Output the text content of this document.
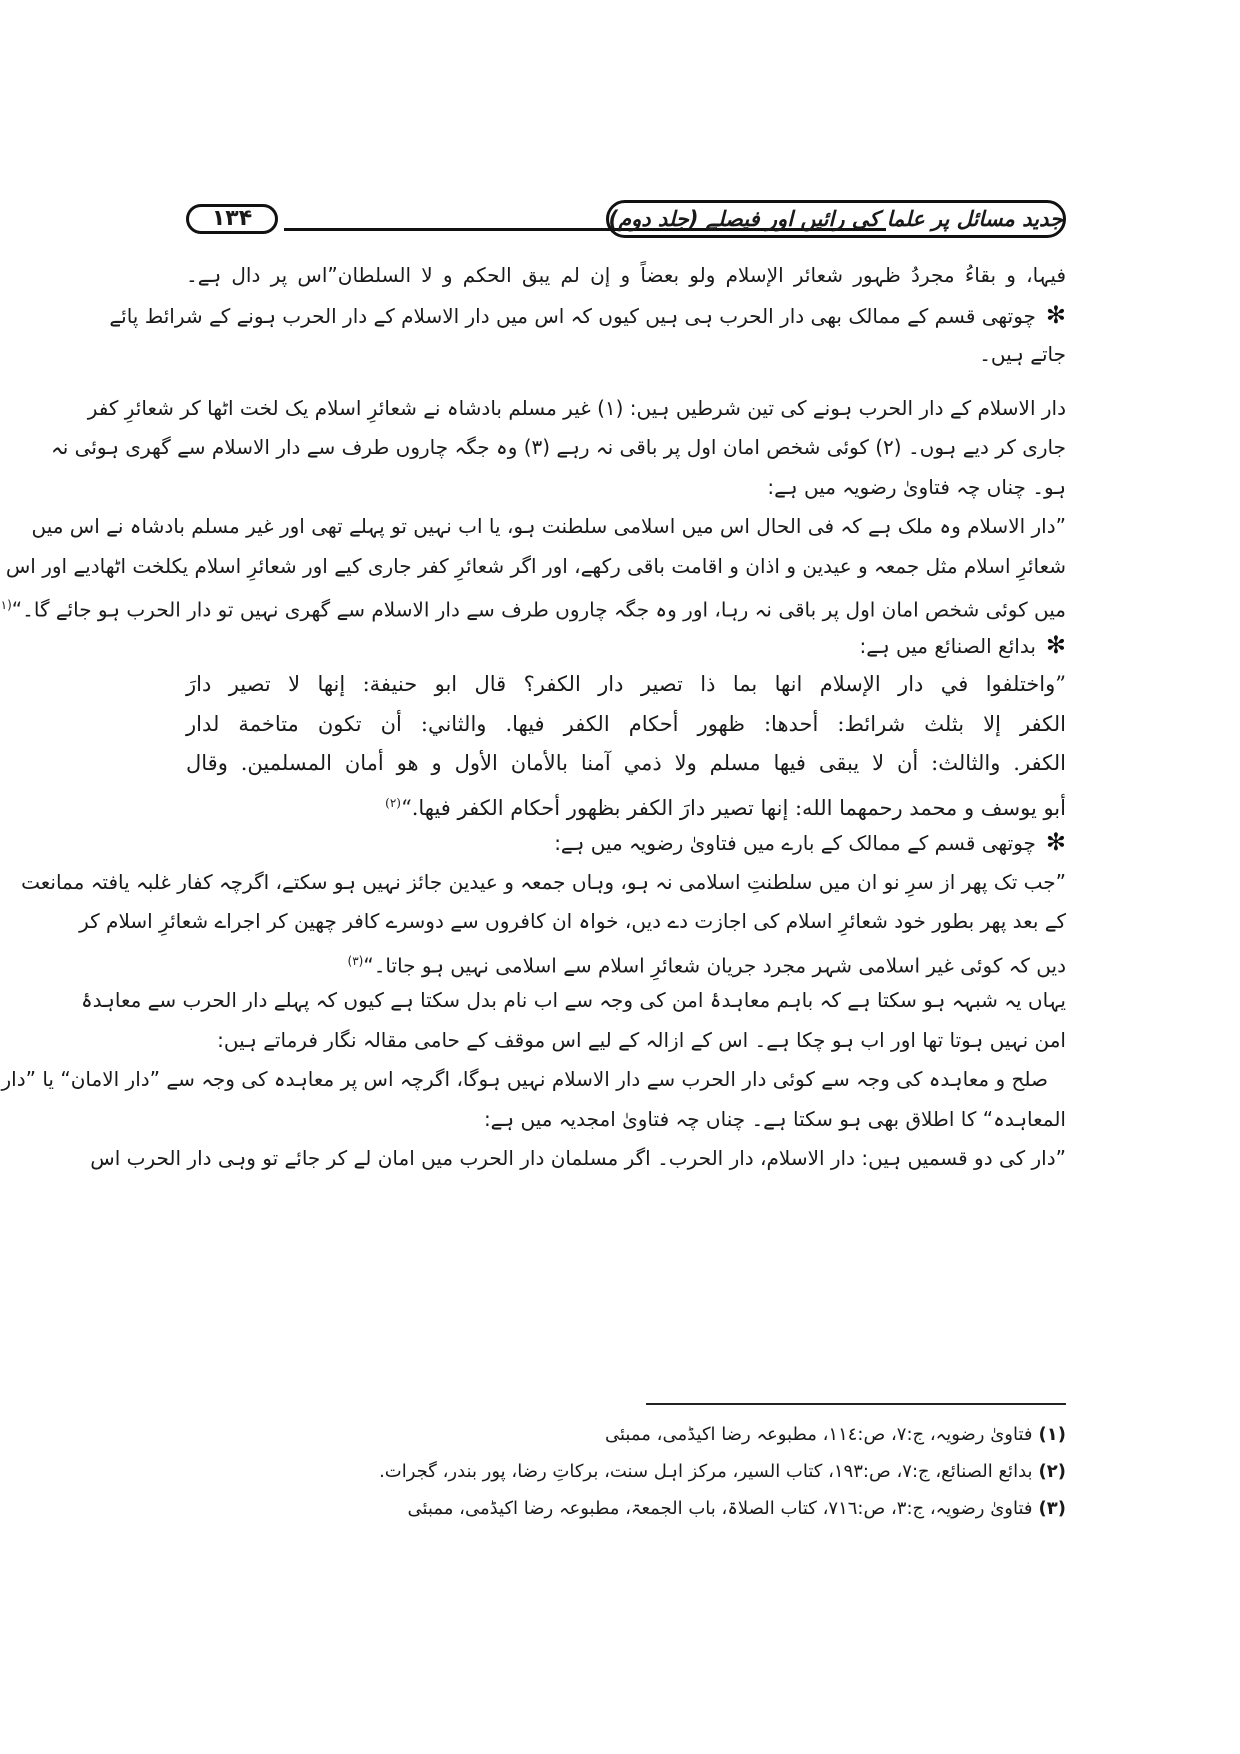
۱۳۴	جدید مسائل پر علما کی رائیں اور فیصلے (جلد دوم)
فیہا، و بقاءُ مجردُ ظہور شعائر الإسلام ولو بعضاً و إن لم يبق الحكم و لا السلطان”اس پر دال ہے۔
✻چوتھی قسم کے ممالک بھی دار الحرب ہی ہیں کیوں کہ اس میں دار الاسلام کے دار الحرب ہونے کے شرائط پائے
جاتے ہیں۔
دار الاسلام کے دار الحرب ہونے کی تین شرطیں ہیں: (۱) غیر مسلم بادشاہ نے شعائرِ اسلام یک لخت اٹھا کر شعائرِ کفر
جاری کر دیے ہوں۔ (۲) کوئی شخص امان اول پر باقی نہ رہے (۳) وہ جگہ چاروں طرف سے دار الاسلام سے گھری ہوئی نہ
ہو۔ چناں چہ فتاویٰ رضویہ میں ہے:
”دار الاسلام وہ ملک ہے کہ فی الحال اس میں اسلامی سلطنت ہو، یا اب نہیں تو پہلے تھی اور غیر مسلم بادشاہ نے اس میں
شعائرِ اسلام مثل جمعہ و عیدین و اذان و اقامت باقی رکھے، اور اگر شعائرِ کفر جاری کیے اور شعائرِ اسلام یکلخت اٹھادیے اور اس
میں کوئی شخص امان اول پر باقی نہ رہا، اور وہ جگہ چاروں طرف سے دار الاسلام سے گھری نہیں تو دار الحرب ہو جائے گا۔“$^{(۱}$
✻بدائع الصنائع میں ہے:
”واختلفوا في دار الإسلام انها بما ذا تصير دار الكفر؟ قال ابو حنيفة: إنها لا تصير دارَ
الكفر إلا بثلث شرائط: أحدها: ظهور أحكام الكفر فيها. والثاني: أن تكون متاخمة لدار
الكفر. والثالث: أن لا يبقى فيها مسلم ولا ذمي آمنا بالأمان الأول و هو أمان المسلمين. وقال
أبو يوسف و محمد رحمهما الله: إنها تصير دارَ الكفر بظهور أحكام الكفر فيها.“$^{(۲)}$
✻چوتھی قسم کے ممالک کے بارے میں فتاویٰ رضویہ میں ہے:
”جب تک پھر از سرِ نو ان میں سلطنتِ اسلامی نہ ہو، وہاں جمعہ و عیدین جائز نہیں ہو سکتے، اگرچہ کفار غلبہ یافتہ ممانعت
کے بعد پھر بطور خود شعائرِ اسلام کی اجازت دے دیں، خواہ ان کافروں سے دوسرے کافر چھین کر اجراے شعائرِ اسلام کر
دیں کہ کوئی غیر اسلامی شہر مجرد جریان شعائرِ اسلام سے اسلامی نہیں ہو جاتا۔“$^{(۳)}$
یہاں یہ شبہہ ہو سکتا ہے کہ باہم معاہدۂ امن کی وجہ سے اب نام بدل سکتا ہے کیوں کہ پہلے دار الحرب سے معاہدۂ
امن نہیں ہوتا تھا اور اب ہو چکا ہے۔ اس کے ازالہ کے لیے اس موقف کے حامی مقالہ نگار فرماتے ہیں:
صلح و معاہدہ کی وجہ سے کوئی دار الحرب سے دار الاسلام نہیں ہوگا، اگرچہ اس پر معاہدہ کی وجہ سے ”دار الامان“ یا ”دار
المعاہدہ“ کا اطلاق بھی ہو سکتا ہے۔ چناں چہ فتاویٰ امجدیہ میں ہے:
”دار کی دو قسمیں ہیں: دار الاسلام، دار الحرب۔ اگر مسلمان دار الحرب میں امان لے کر جائے تو وہی دار الحرب اس
(۱)فتاویٰ رضویہ، ج:۷، ص:۱۱٤، مطبوعہ رضا اکیڈمی، ممبئی
(۲)بدائع الصنائع، ج:۷، ص:۱۹۳، کتاب السیر، مرکز اہل سنت، برکاتِ رضا، پور بندر، گجرات.
(۳)فتاویٰ رضویہ، ج:۳، ص:۷۱٦، کتاب الصلاۃ، باب الجمعۃ، مطبوعہ رضا اکیڈمی، ممبئی
